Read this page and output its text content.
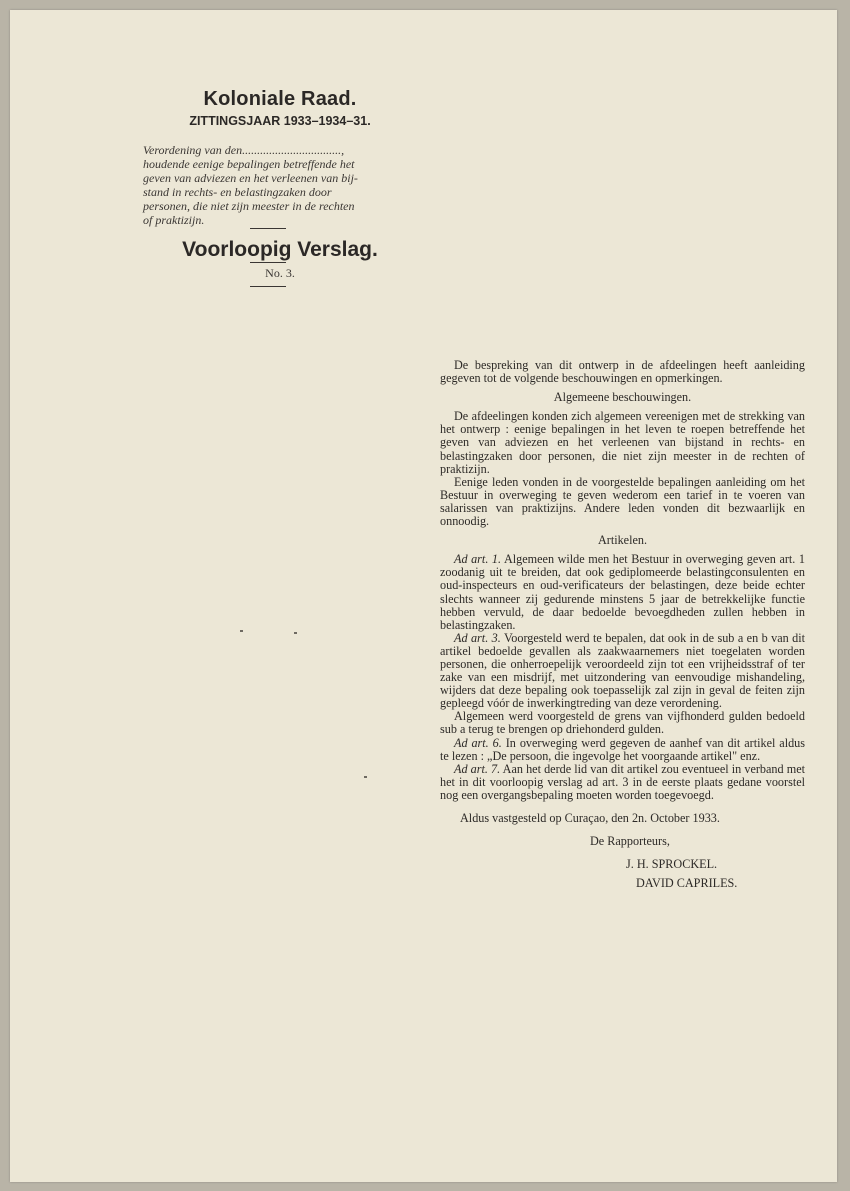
Koloniale Raad.
ZITTINGSJAAR 1933–1934–31.
Verordening van den.................................,
houdende eenige bepalingen betreffende het
geven van adviezen en het verleenen van bij-
stand in rechts- en belastingzaken door
personen, die niet zijn meester in de rechten
of praktizijn.
Voorloopig Verslag.
No. 3.

De bespreking van dit ontwerp in de afdeelingen heeft aanleiding gegeven tot de volgende beschouwingen en opmerkingen.

Algemeene beschouwingen.

De afdeelingen konden zich algemeen vereenigen met de strekking van het ontwerp : eenige bepalingen in het leven te roepen betreffende het geven van adviezen en het verleenen van bijstand in rechts- en belastingzaken door personen, die niet zijn meester in de rechten of praktizijn.

Eenige leden vonden in de voorgestelde bepalingen aanleiding om het Bestuur in overweging te geven wederom een tarief in te voeren van salarissen van praktizijns. Andere leden vonden dit bezwaarlijk en onnoodig.

Artikelen.

Ad art. 1. Algemeen wilde men het Bestuur in overweging geven art. 1 zoodanig uit te breiden, dat ook gediplomeerde belastingconsulenten en oud-inspecteurs en oud-verificateurs der belastingen, deze beide echter slechts wanneer zij gedurende minstens 5 jaar de betrekkelijke functie hebben vervuld, de daar bedoelde bevoegdheden zullen hebben in belastingzaken.

Ad art. 3. Voorgesteld werd te bepalen, dat ook in de sub a en b van dit artikel bedoelde gevallen als zaakwaarnemers niet toegelaten worden personen, die onherroepelijk veroordeeld zijn tot een vrijheidsstraf of ter zake van een misdrijf, met uitzondering van eenvoudige mishandeling, wijders dat deze bepaling ook toepasselijk zal zijn in geval de feiten zijn gepleegd vóór de inwerkingtreding van deze verordening.

Algemeen werd voorgesteld de grens van vijfhonderd gulden bedoeld sub a terug te brengen op driehonderd gulden.

Ad art. 6. In overweging werd gegeven de aanhef van dit artikel aldus te lezen : „De persoon, die ingevolge het voorgaande artikel" enz.

Ad art. 7. Aan het derde lid van dit artikel zou eventueel in verband met het in dit voorloopig verslag ad art. 3 in de eerste plaats gedane voorstel nog een overgangsbepaling moeten worden toegevoegd.

Aldus vastgesteld op Curaçao, den 2n. October 1933.

De Rapporteurs,

J. H. SPROCKEL.

DAVID CAPRILES.
